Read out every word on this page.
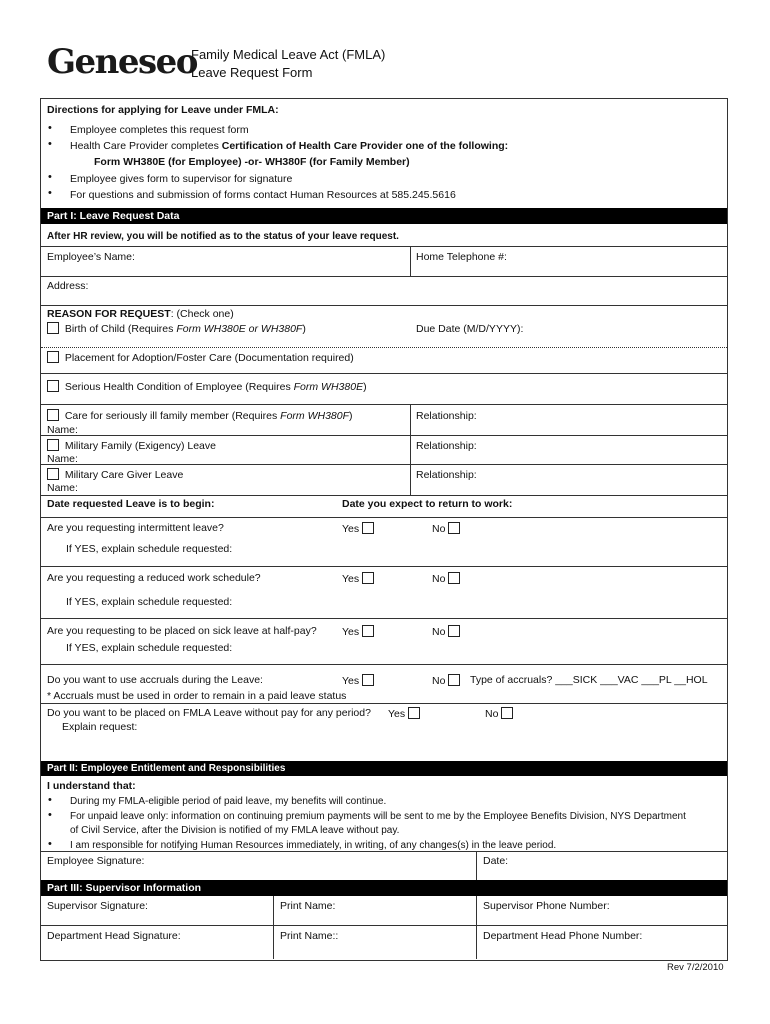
Geneseo
Family Medical Leave Act (FMLA)
Leave Request Form
Directions for applying for Leave under FMLA:
• Employee completes this request form
• Health Care Provider completes Certification of Health Care Provider one of the following:
Form WH380E (for Employee) -or- WH380F (for Family Member)
• Employee gives form to supervisor for signature
• For questions and submission of forms contact Human Resources at 585.245.5616
Part I: Leave Request Data
After HR review, you will be notified as to the status of your leave request.
Employee’s Name:	Home Telephone #:
Address:
REASON FOR REQUEST: (Check one)
Birth of Child (Requires Form WH380E or WH380F)	Due Date (M/D/YYYY):
Placement for Adoption/Foster Care (Documentation required)
Serious Health Condition of Employee (Requires Form WH380E)
Care for seriously ill family member (Requires Form WH380F)	Relationship:
Name:
Military Family (Exigency) Leave	Relationship:
Name:
Military Care Giver Leave	Relationship:
Name:
Date requested Leave is to begin:	Date you expect to return to work:
Are you requesting intermittent leave?	Yes	No
If YES, explain schedule requested:
Are you requesting a reduced work schedule?	Yes	No
If YES, explain schedule requested:
Are you requesting to be placed on sick leave at half-pay? Yes	No
If YES, explain schedule requested:
Do you want to use accruals during the Leave:	Yes	No	Type of accruals? ___SICK ___VAC ___PL __HOL
* Accruals must be used in order to remain in a paid leave status
Do you want to be placed on FMLA Leave without pay for any period? Yes	No
Explain request:
Part II: Employee Entitlement and Responsibilities
I understand that:
• During my FMLA-eligible period of paid leave, my benefits will continue.
• For unpaid leave only: information on continuing premium payments will be sent to me by the Employee Benefits Division, NYS Department
of Civil Service, after the Division is notified of my FMLA leave without pay.
• I am responsible for notifying Human Resources immediately, in writing, of any changes(s) in the leave period.
Employee Signature:	Date:
Part III: Supervisor Information
Supervisor Signature:	Print Name:	Supervisor Phone Number:
Department Head Signature:	Print Name::	Department Head Phone Number:
Rev 7/2/2010
